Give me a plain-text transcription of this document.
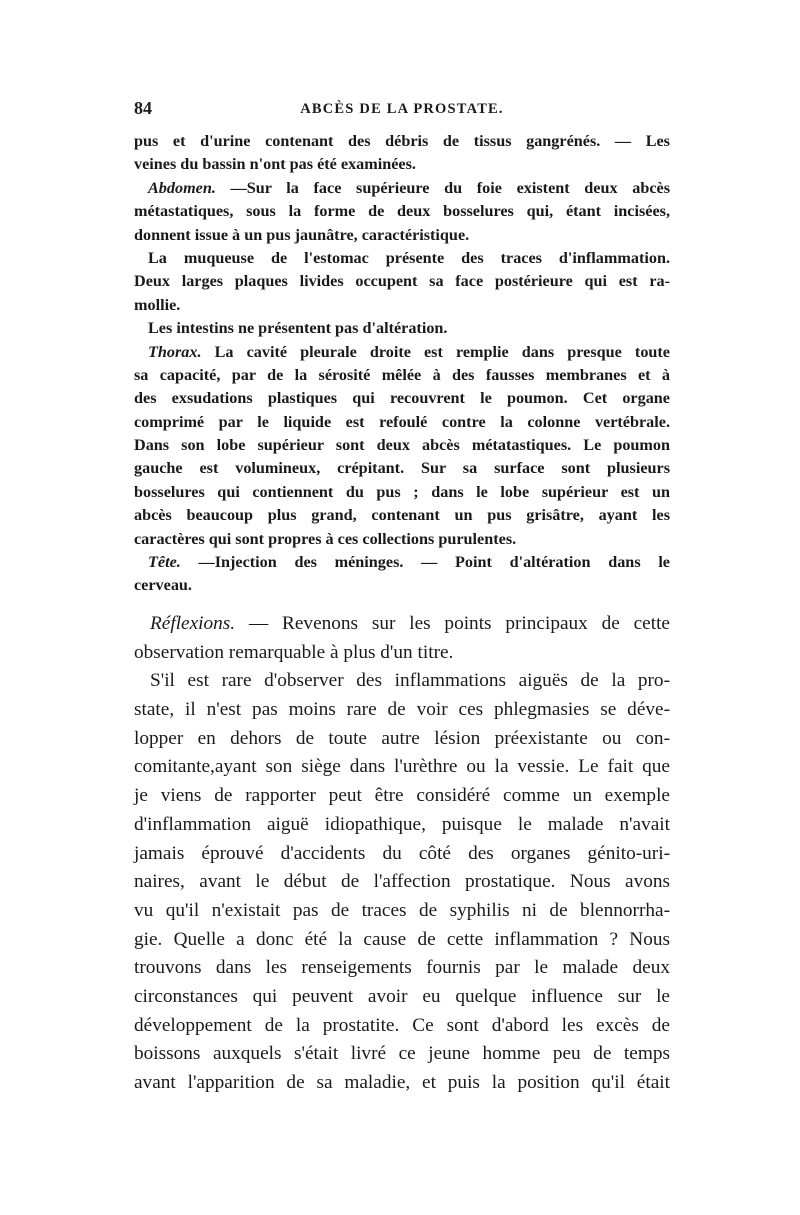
84	ABCÈS DE LA PROSTATE.
pus et d'urine contenant des débris de tissus gangrénés. — Les
veines du bassin n'ont pas été examinées.
Abdomen. —Sur la face supérieure du foie existent deux abcès
métastatiques, sous la forme de deux bosselures qui, étant incisées,
donnent issue à un pus jaunâtre, caractéristique.
La muqueuse de l'estomac présente des traces d'inflammation.
Deux larges plaques livides occupent sa face postérieure qui est ra-
mollie.
Les intestins ne présentent pas d'altération.
Thorax. La cavité pleurale droite est remplie dans presque toute
sa capacité, par de la sérosité mêlée à des fausses membranes et à
des exsudations plastiques qui recouvrent le poumon. Cet organe
comprimé par le liquide est refoulé contre la colonne vertébrale.
Dans son lobe supérieur sont deux abcès métatastiques. Le poumon
gauche est volumineux, crépitant. Sur sa surface sont plusieurs
bosselures qui contiennent du pus ; dans le lobe supérieur est un
abcès beaucoup plus grand, contenant un pus grisâtre, ayant les
caractères qui sont propres à ces collections purulentes.
Tête. —Injection des méninges. — Point d'altération dans le
cerveau.
Réflexions. — Revenons sur les points principaux de cette
observation remarquable à plus d'un titre.
S'il est rare d'observer des inflammations aiguës de la pro-
state, il n'est pas moins rare de voir ces phlegmasies se déve-
lopper en dehors de toute autre lésion préexistante ou con-
comitante,ayant son siège dans l'urèthre ou la vessie. Le fait que
je viens de rapporter peut être considéré comme un exemple
d'inflammation aiguë idiopathique, puisque le malade n'avait
jamais éprouvé d'accidents du côté des organes génito-uri-
naires, avant le début de l'affection prostatique. Nous avons
vu qu'il n'existait pas de traces de syphilis ni de blennorrha-
gie. Quelle a donc été la cause de cette inflammation ? Nous
trouvons dans les renseigements fournis par le malade deux
circonstances qui peuvent avoir eu quelque influence sur le
développement de la prostatite. Ce sont d'abord les excès de
boissons auxquels s'était livré ce jeune homme peu de temps
avant l'apparition de sa maladie, et puis la position qu'il était
